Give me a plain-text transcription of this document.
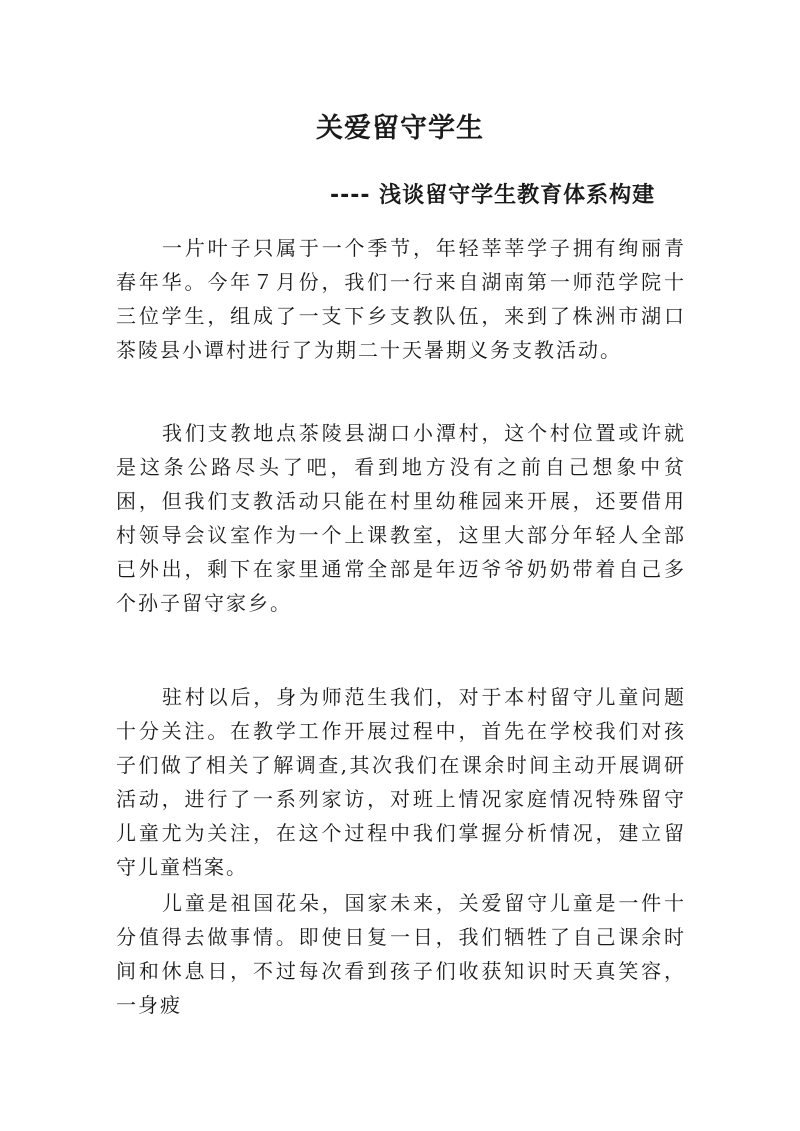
关爱留守学生
---- 浅谈留守学生教育体系构建

一片叶子只属于一个季节，年轻莘莘学子拥有绚丽青春年华。今年７月份，我们一行来自湖南第一师范学院十三位学生，组成了一支下乡支教队伍，来到了株洲市湖口茶陵县小谭村进行了为期二十天暑期义务支教活动。

我们支教地点茶陵县湖口小潭村，这个村位置或许就是这条公路尽头了吧，看到地方没有之前自己想象中贫困，但我们支教活动只能在村里幼稚园来开展，还要借用村领导会议室作为一个上课教室，这里大部分年轻人全部已外出，剩下在家里通常全部是年迈爷爷奶奶带着自己多个孙子留守家乡。

驻村以后，身为师范生我们，对于本村留守儿童问题十分关注。在教学工作开展过程中，首先在学校我们对孩子们做了相关了解调查,其次我们在课余时间主动开展调研活动，进行了一系列家访，对班上情况家庭情况特殊留守儿童尤为关注，在这个过程中我们掌握分析情况，建立留守儿童档案。

儿童是祖国花朵，国家未来，关爱留守儿童是一件十分值得去做事情。即使日复一日，我们牺牲了自己课余时间和休息日，不过每次看到孩子们收获知识时天真笑容，一身疲
